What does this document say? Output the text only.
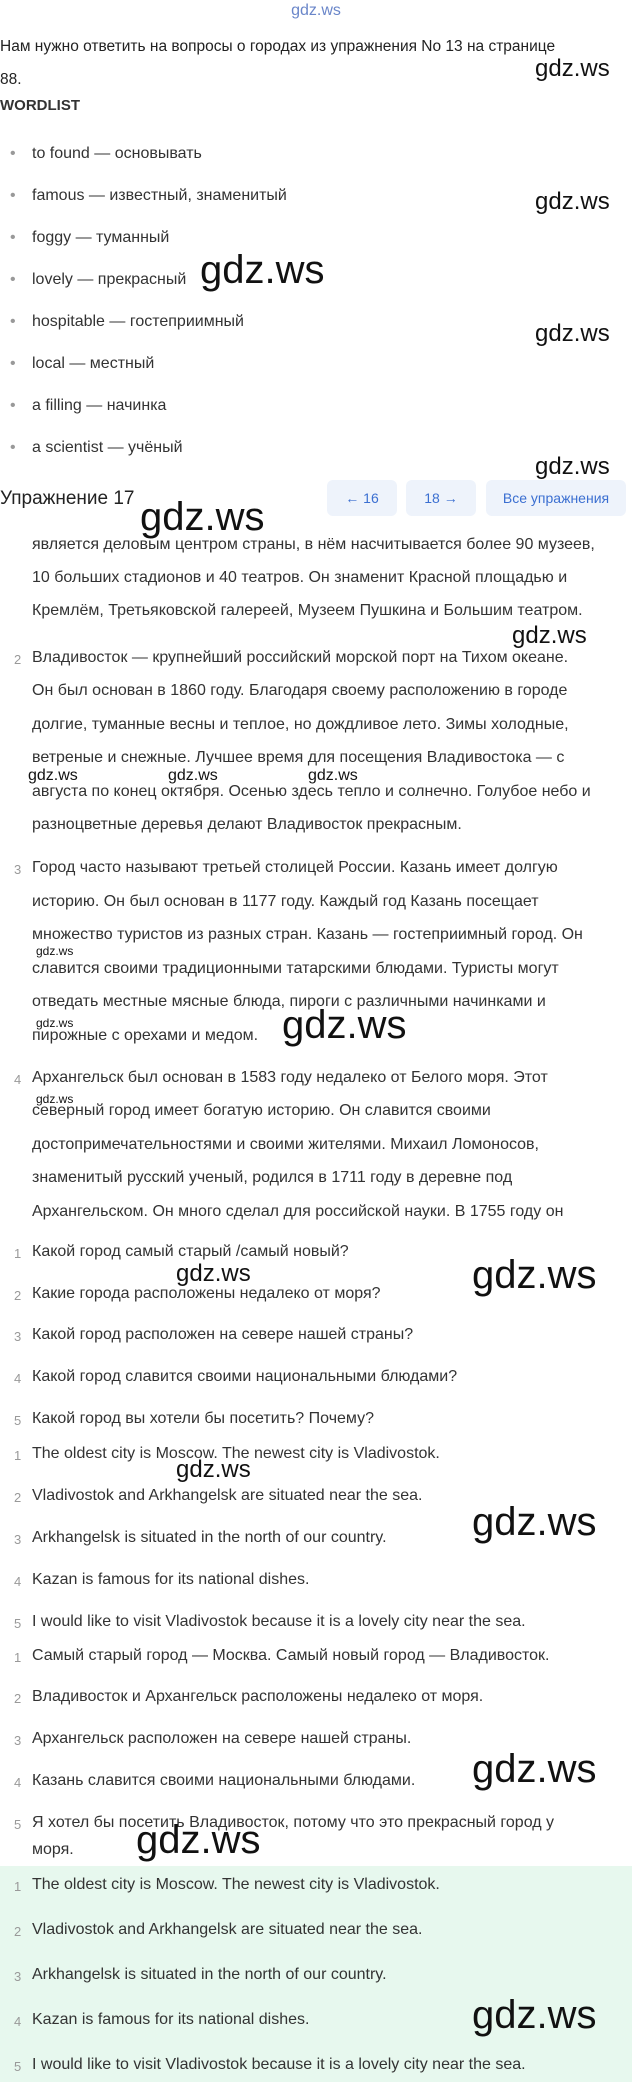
gdz.ws
Нам нужно ответить на вопросы о городах из упражнения No 13 на странице
88.
WORDLIST
• to found — основывать
• famous — известный, знаменитый
• foggy — туманный
• lovely — прекрасный
• hospitable — гостеприимный
• local — местный
• a filling — начинка
• a scientist — учёный
Упражнение 17	← 16	18 →	Все упражнения
является деловым центром страны, в нём насчитывается более 90 музеев,
10 больших стадионов и 40 театров. Он знаменит Красной площадью и
Кремлём, Третьяковской галереей, Музеем Пушкина и Большим театром.
2 Владивосток — крупнейший российский морской порт на Тихом океане.
Он был основан в 1860 году. Благодаря своему расположению в городе
долгие, туманные весны и теплое, но дождливое лето. Зимы холодные,
ветреные и снежные. Лучшее время для посещения Владивостока — с
августа по конец октября. Осенью здесь тепло и солнечно. Голубое небо и
разноцветные деревья делают Владивосток прекрасным.
3 Город часто называют третьей столицей России. Казань имеет долгую
историю. Он был основан в 1177 году. Каждый год Казань посещает
множество туристов из разных стран. Казань — гостеприимный город. Он
славится своими традиционными татарскими блюдами. Туристы могут
отведать местные мясные блюда, пироги с различными начинками и
пирожные с орехами и медом.
4 Архангельск был основан в 1583 году недалеко от Белого моря. Этот
северный город имеет богатую историю. Он славится своими
достопримечательностями и своими жителями. Михаил Ломоносов,
знаменитый русский ученый, родился в 1711 году в деревне под
Архангельском. Он много сделал для российской науки. В 1755 году он
1 Какой город самый старый /самый новый?
2 Какие города расположены недалеко от моря?
3 Какой город расположен на севере нашей страны?
4 Какой город славится своими национальными блюдами?
5 Какой город вы хотели бы посетить? Почему?
1 The oldest city is Moscow. The newest city is Vladivostok.
2 Vladivostok and Arkhangelsk are situated near the sea.
3 Arkhangelsk is situated in the north of our country.
4 Kazan is famous for its national dishes.
5 I would like to visit Vladivostok because it is a lovely city near the sea.
1 Самый старый город — Москва. Самый новый город — Владивосток.
2 Владивосток и Архангельск расположены недалеко от моря.
3 Архангельск расположен на севере нашей страны.
4 Казань славится своими национальными блюдами.
5 Я хотел бы посетить Владивосток, потому что это прекрасный город у
моря.
1 The oldest city is Moscow. The newest city is Vladivostok.
2 Vladivostok and Arkhangelsk are situated near the sea.
3 Arkhangelsk is situated in the north of our country.
4 Kazan is famous for its national dishes.
5 I would like to visit Vladivostok because it is a lovely city near the sea.
gdz.ws
gdz.ws
gdz.ws
gdz.ws
gdz.ws
gdz.ws
gdz.ws
gdz.ws	gdz.ws	gdz.ws
gdz.ws
gdz.ws	gdz.ws
gdz.ws
gdz.ws	gdz.ws
gdz.ws
gdz.ws
gdz.ws
gdz.ws
gdz.ws
